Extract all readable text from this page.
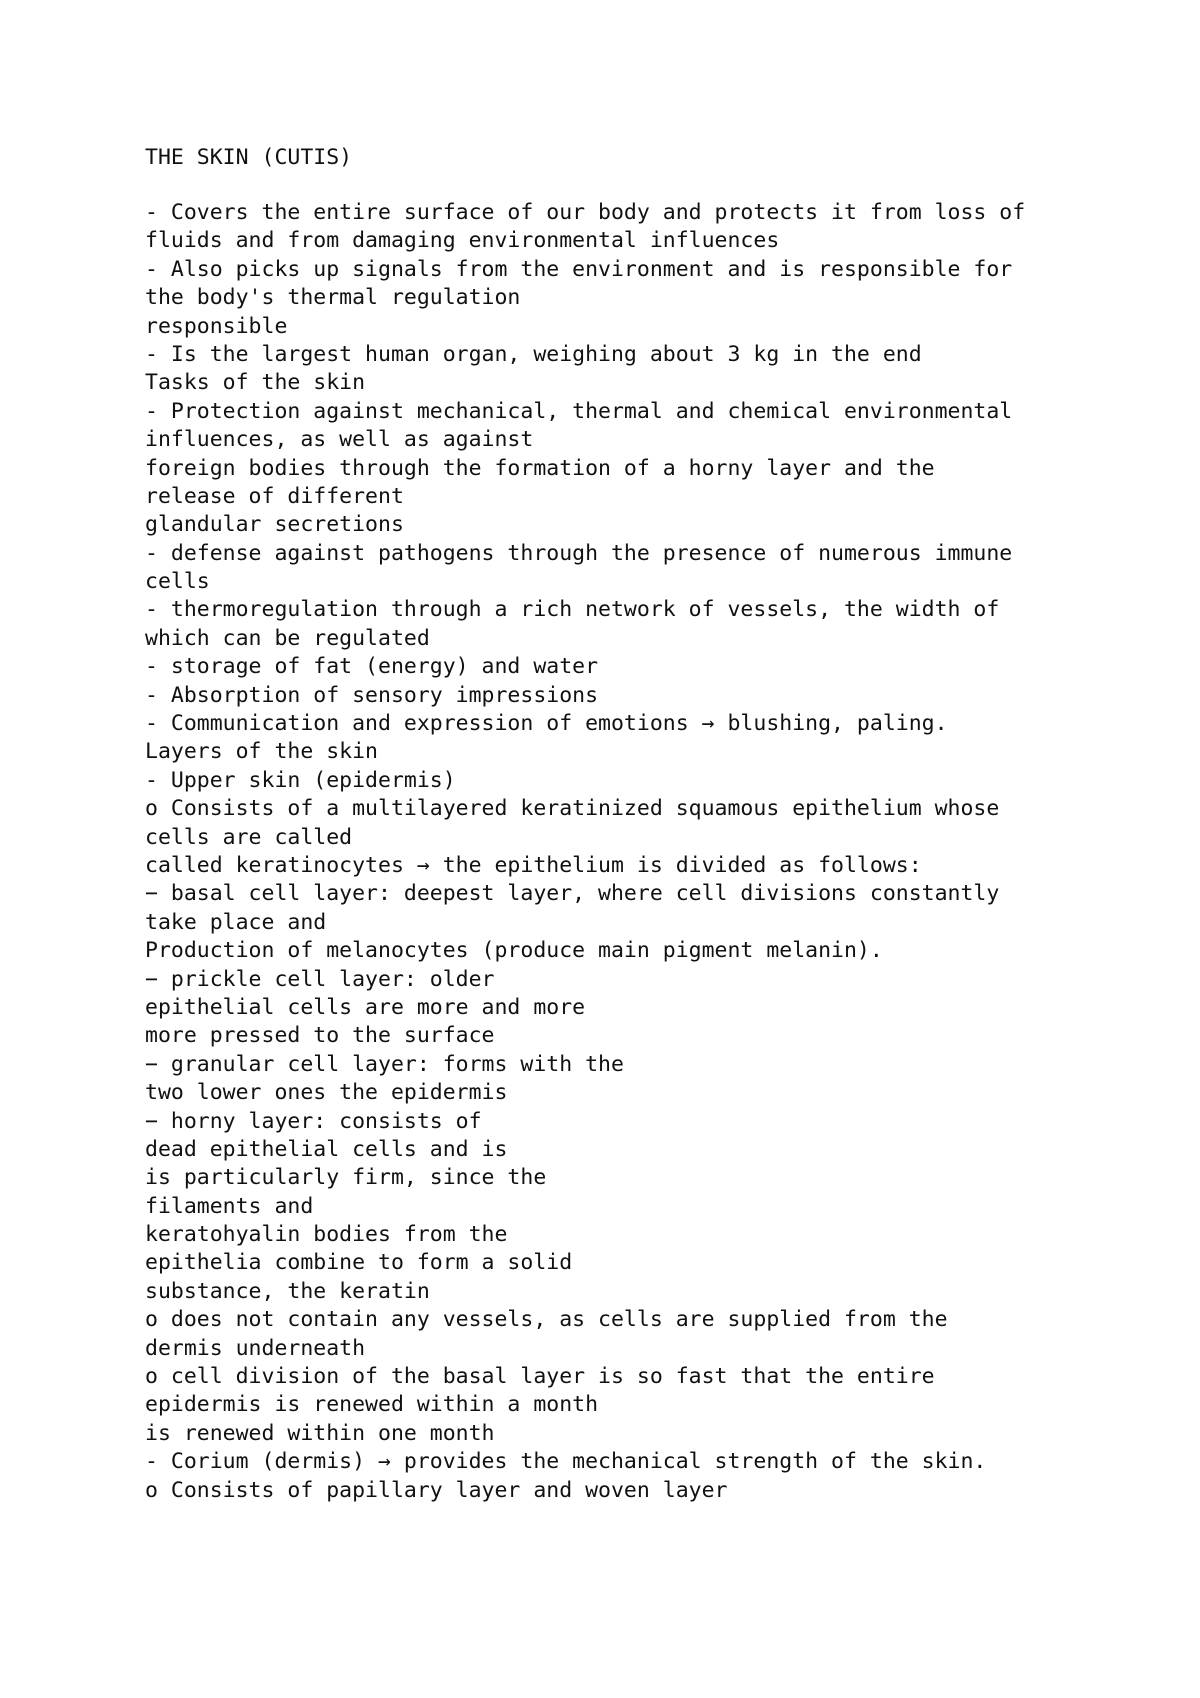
THE SKIN (CUTIS)
- Covers the entire surface of our body and protects it from loss of
fluids and from damaging environmental influences
- Also picks up signals from the environment and is responsible for
the body's thermal regulation
responsible
- Is the largest human organ, weighing about 3 kg in the end
Tasks of the skin
- Protection against mechanical, thermal and chemical environmental
influences, as well as against
foreign bodies through the formation of a horny layer and the
release of different
glandular secretions
- defense against pathogens through the presence of numerous immune
cells
- thermoregulation through a rich network of vessels, the width of
which can be regulated
- storage of fat (energy) and water
- Absorption of sensory impressions
- Communication and expression of emotions → blushing, paling.
Layers of the skin
- Upper skin (epidermis)
o Consists of a multilayered keratinized squamous epithelium whose
cells are called
called keratinocytes → the epithelium is divided as follows:
− basal cell layer: deepest layer, where cell divisions constantly
take place and
Production of melanocytes (produce main pigment melanin).
− prickle cell layer: older
epithelial cells are more and more
more pressed to the surface
− granular cell layer: forms with the
two lower ones the epidermis
− horny layer: consists of
dead epithelial cells and is
is particularly firm, since the
filaments and
keratohyalin bodies from the
epithelia combine to form a solid
substance, the keratin
o does not contain any vessels, as cells are supplied from the
dermis underneath
o cell division of the basal layer is so fast that the entire
epidermis is renewed within a month
is renewed within one month
- Corium (dermis) → provides the mechanical strength of the skin.
o Consists of papillary layer and woven layer
